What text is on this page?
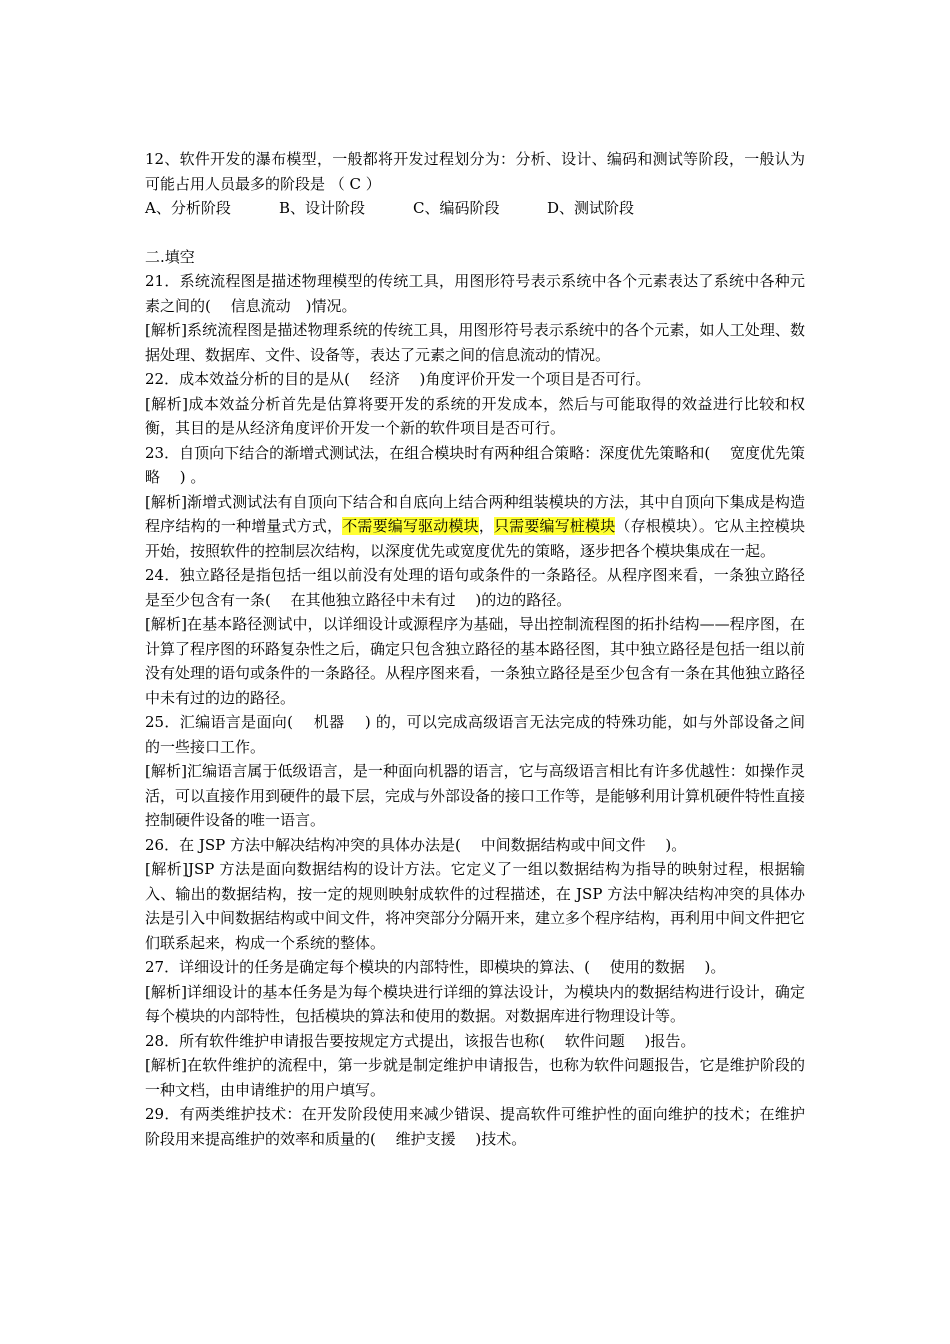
12、软件开发的瀑布模型，一般都将开发过程划分为：分析、设计、编码和测试等阶段，一般认为可能占用人员最多的阶段是 （ C ）

A、分析阶段	B、设计阶段	C、编码阶段	D、测试阶段

二.填空

21．系统流程图是描述物理模型的传统工具，用图形符号表示系统中各个元素表达了系统中各种元素之间的(　 信息流动　)情况。

[解析]系统流程图是描述物理系统的传统工具，用图形符号表示系统中的各个元素，如人工处理、数据处理、数据库、文件、设备等，表达了元素之间的信息流动的情况。

22．成本效益分析的目的是从(　 经济　 )角度评价开发一个项目是否可行。

[解析]成本效益分析首先是估算将要开发的系统的开发成本，然后与可能取得的效益进行比较和权衡，其目的是从经济角度评价开发一个新的软件项目是否可行。

23．自顶向下结合的渐增式测试法，在组合模块时有两种组合策略：深度优先策略和(　 宽度优先策略　 ) 。

[解析]渐增式测试法有自顶向下结合和自底向上结合两种组装模块的方法，其中自顶向下集成是构造程序结构的一种增量式方式，不需要编写驱动模块，只需要编写桩模块（存根模块）。它从主控模块开始，按照软件的控制层次结构，以深度优先或宽度优先的策略，逐步把各个模块集成在一起。

24．独立路径是指包括一组以前没有处理的语句或条件的一条路径。从程序图来看，一条独立路径是至少包含有一条(　 在其他独立路径中未有过　 )的边的路径。

[解析]在基本路径测试中，以详细设计或源程序为基础，导出控制流程图的拓扑结构——程序图，在计算了程序图的环路复杂性之后，确定只包含独立路径的基本路径图，其中独立路径是包括一组以前没有处理的语句或条件的一条路径。从程序图来看，一条独立路径是至少包含有一条在其他独立路径中未有过的边的路径。

25．汇编语言是面向(　 机器　 ) 的，可以完成高级语言无法完成的特殊功能，如与外部设备之间的一些接口工作。

[解析]汇编语言属于低级语言，是一种面向机器的语言，它与高级语言相比有许多优越性：如操作灵活，可以直接作用到硬件的最下层，完成与外部设备的接口工作等，是能够利用计算机硬件特性直接控制硬件设备的唯一语言。

26．在 JSP 方法中解决结构冲突的具体办法是(　 中间数据结构或中间文件　 )。

[解析]JSP 方法是面向数据结构的设计方法。它定义了一组以数据结构为指导的映射过程，根据输入、输出的数据结构，按一定的规则映射成软件的过程描述，在 JSP 方法中解决结构冲突的具体办法是引入中间数据结构或中间文件，将冲突部分分隔开来，建立多个程序结构，再利用中间文件把它们联系起来，构成一个系统的整体。

27．详细设计的任务是确定每个模块的内部特性，即模块的算法、(　 使用的数据　 )。

[解析]详细设计的基本任务是为每个模块进行详细的算法设计，为模块内的数据结构进行设计，确定每个模块的内部特性，包括模块的算法和使用的数据。对数据库进行物理设计等。

28．所有软件维护申请报告要按规定方式提出，该报告也称(　 软件问题　 )报告。

[解析]在软件维护的流程中，第一步就是制定维护申请报告，也称为软件问题报告，它是维护阶段的一种文档，由申请维护的用户填写。

29．有两类维护技术：在开发阶段使用来减少错误、提高软件可维护性的面向维护的技术；在维护阶段用来提高维护的效率和质量的(　 维护支援　 )技术。
